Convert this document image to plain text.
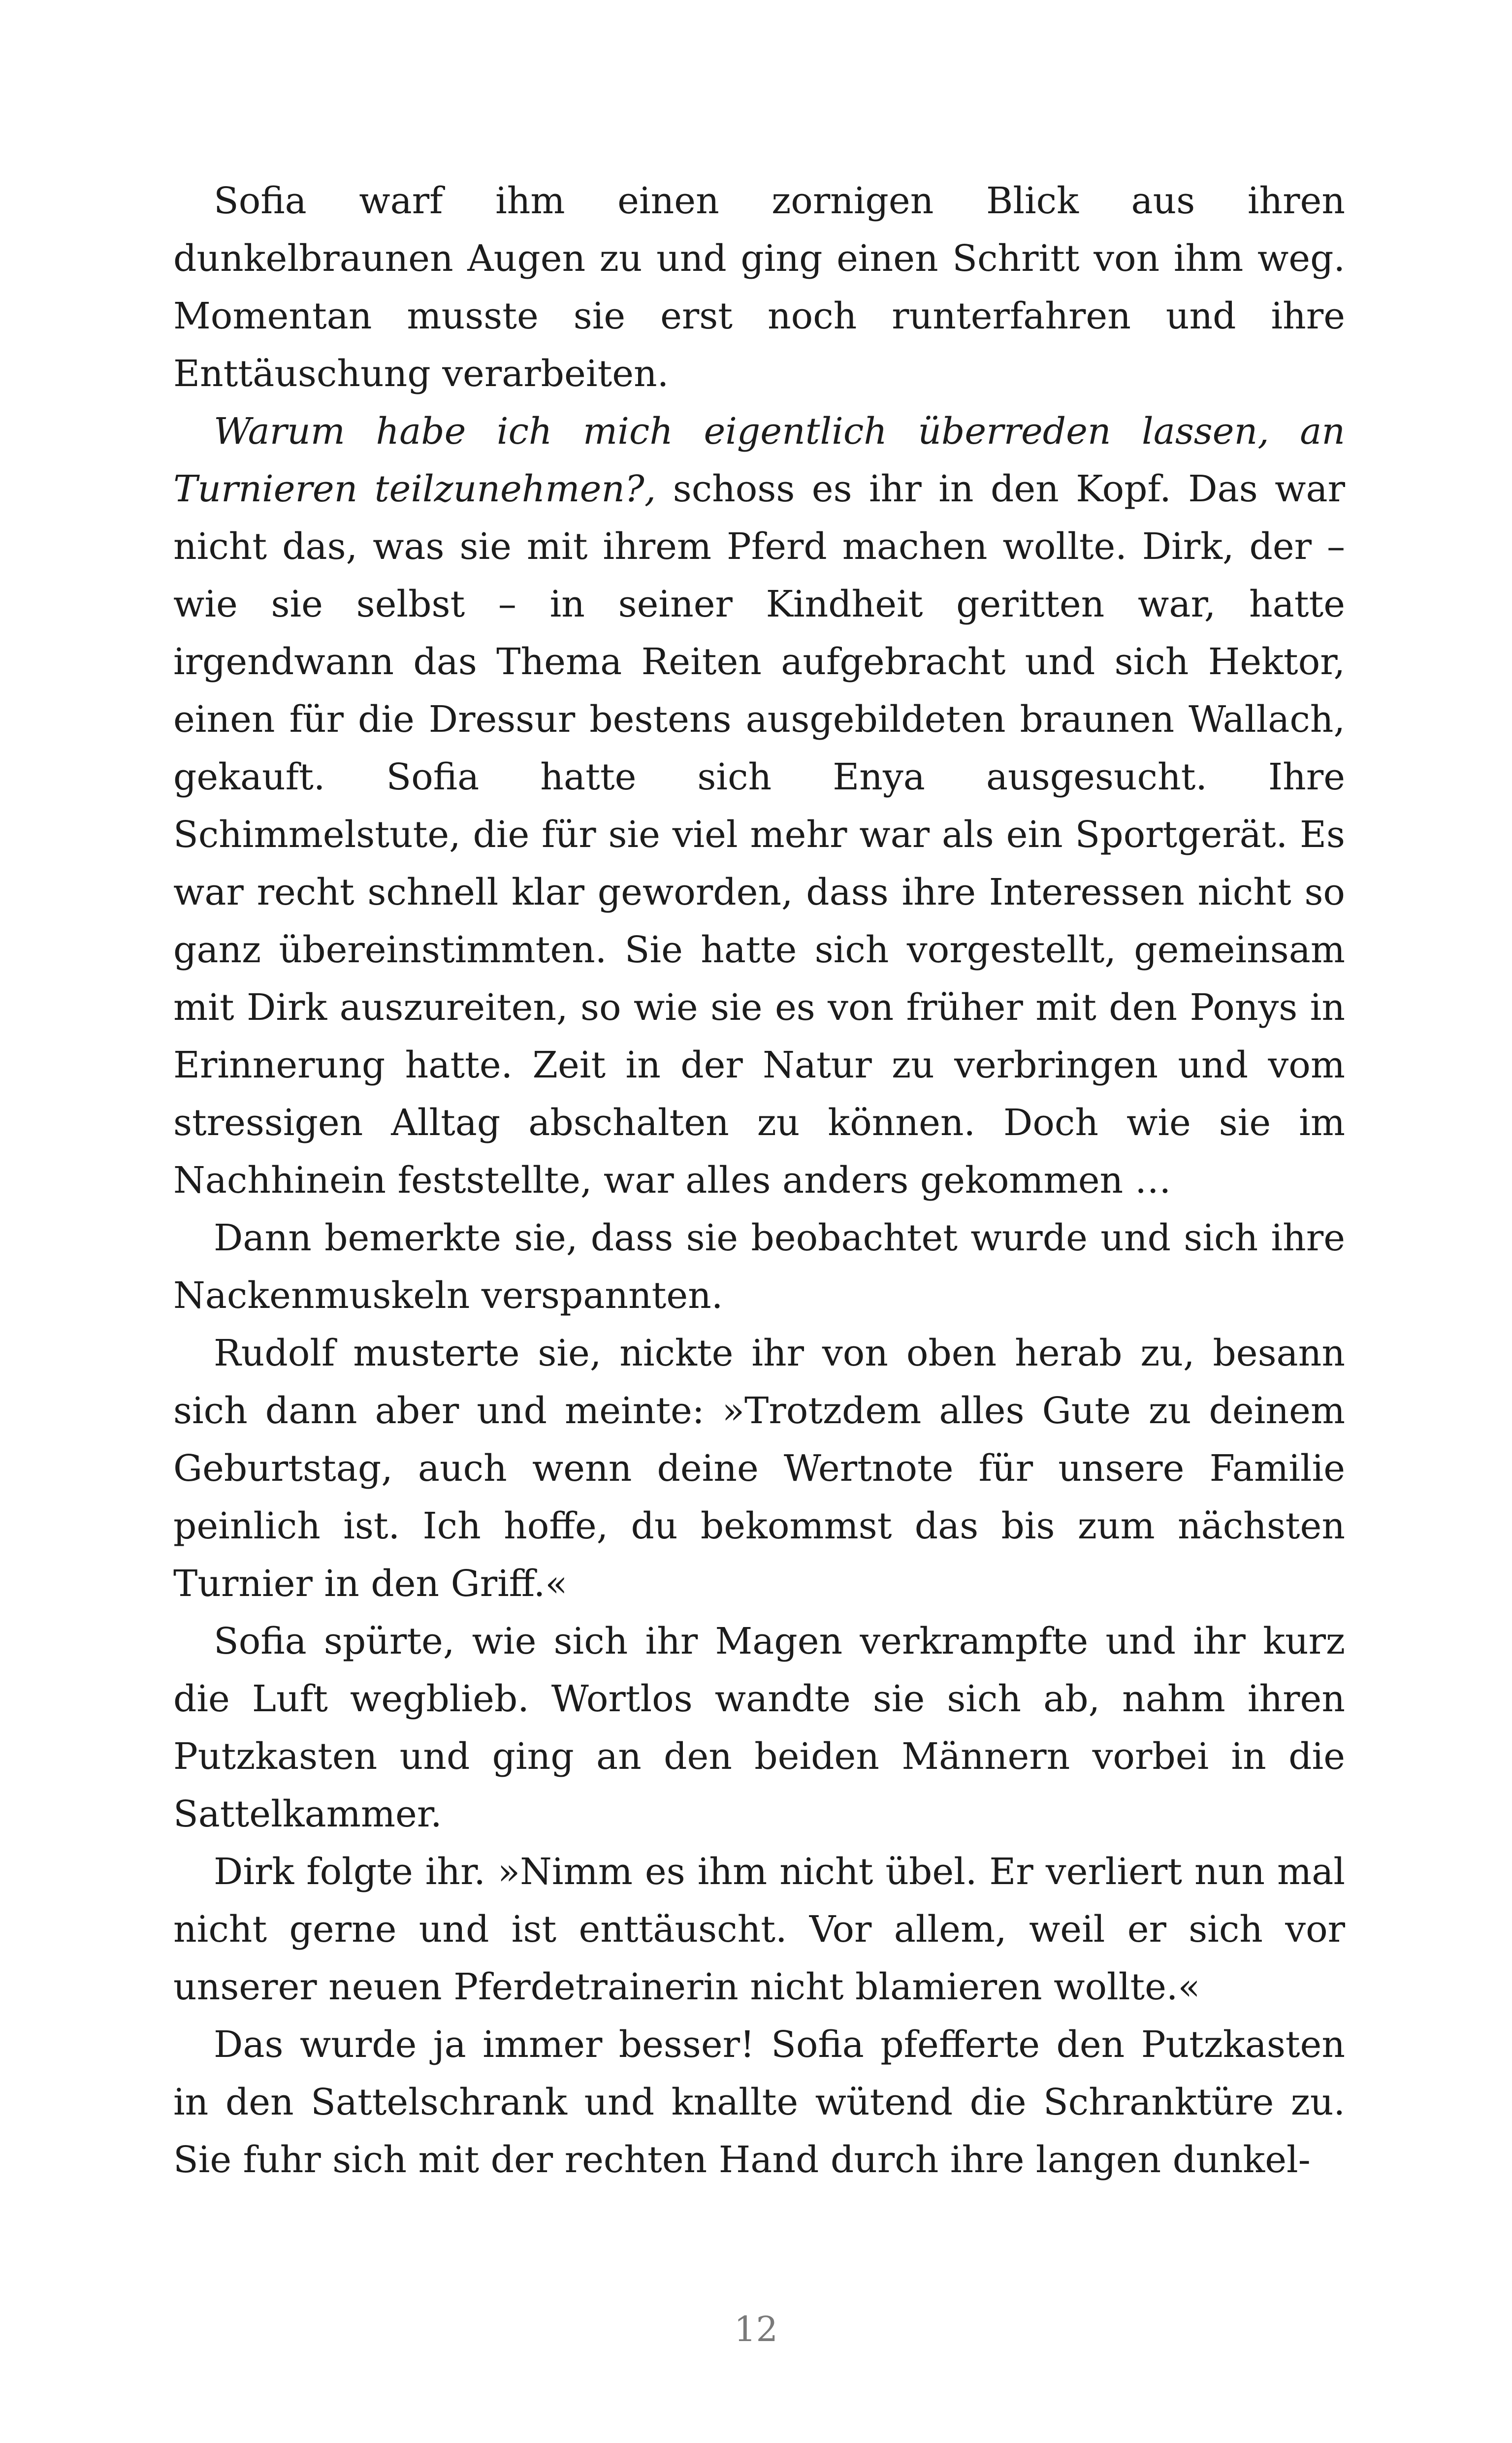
Sofia warf ihm einen zornigen Blick aus ihren dunkelbraunen Augen zu und ging einen Schritt von ihm weg. Momentan musste sie erst noch runterfahren und ihre Enttäuschung verarbeiten.

Warum habe ich mich eigentlich überreden lassen, an Turnieren teilzunehmen?, schoss es ihr in den Kopf. Das war nicht das, was sie mit ihrem Pferd machen wollte. Dirk, der – wie sie selbst – in seiner Kindheit geritten war, hatte irgendwann das Thema Reiten aufgebracht und sich Hektor, einen für die Dressur bestens ausgebildeten braunen Wallach, gekauft. Sofia hatte sich Enya ausgesucht. Ihre Schimmelstute, die für sie viel mehr war als ein Sportgerät. Es war recht schnell klar geworden, dass ihre Interessen nicht so ganz übereinstimmten. Sie hatte sich vorgestellt, gemeinsam mit Dirk auszureiten, so wie sie es von früher mit den Ponys in Erinnerung hatte. Zeit in der Natur zu verbringen und vom stressigen Alltag abschalten zu können. Doch wie sie im Nachhinein feststellte, war alles anders gekommen …

Dann bemerkte sie, dass sie beobachtet wurde und sich ihre Nackenmuskeln verspannten.

Rudolf musterte sie, nickte ihr von oben herab zu, besann sich dann aber und meinte: »Trotzdem alles Gute zu deinem Geburtstag, auch wenn deine Wertnote für unsere Familie peinlich ist. Ich hoffe, du bekommst das bis zum nächsten Turnier in den Griff.«

Sofia spürte, wie sich ihr Magen verkrampfte und ihr kurz die Luft wegblieb. Wortlos wandte sie sich ab, nahm ihren Putzkasten und ging an den beiden Männern vorbei in die Sattelkammer.

Dirk folgte ihr. »Nimm es ihm nicht übel. Er verliert nun mal nicht gerne und ist enttäuscht. Vor allem, weil er sich vor unserer neuen Pferdetrainerin nicht blamieren wollte.«

Das wurde ja immer besser! Sofia pfefferte den Putzkasten in den Sattelschrank und knallte wütend die Schranktüre zu. Sie fuhr sich mit der rechten Hand durch ihre langen dunkel-

12
